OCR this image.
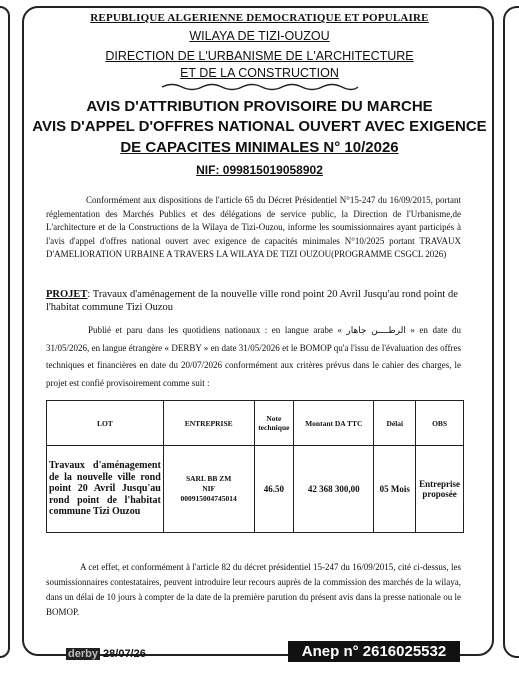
REPUBLIQUE ALGERIENNE DEMOCRATIQUE ET POPULAIRE
WILAYA DE TIZI-OUZOU
DIRECTION DE L'URBANISME DE L'ARCHITECTURE
ET DE LA CONSTRUCTION
AVIS D'ATTRIBUTION PROVISOIRE DU MARCHE
AVIS D'APPEL D'OFFRES NATIONAL OUVERT AVEC EXIGENCE
DE CAPACITES MINIMALES N° 10/2026
NIF: 099815019058902
Conformément aux dispositions de l'article 65 du Décret Présidentiel N°15-247 du 16/09/2015, portant réglementation des Marchés Publics et des délégations de service public, la Direction de l'Urbanisme,de L'architecture et de la Constructions de la Wilaya de Tizi-Ouzou, informe les soumissionnaires ayant participés à l'avis d'appel d'offres national ouvert avec exigence de capacités minimales N°10/2025 portant TRAVAUX D'AMELIORATION URBAINE A TRAVERS LA WILAYA DE TIZI OUZOU(PROGRAMME CSGCL 2026)
PROJET: Travaux d'aménagement de la nouvelle ville rond point 20 Avril Jusqu'au rond point de l'habitat commune Tizi Ouzou
Publié et paru dans les quotidiens nationaux : en langue arabe « الرطــــن جاهار » en date du 31/05/2026, en langue étrangère « DERBY » en date 31/05/2026 et le BOMOP qu'a l'issu de l'évaluation des offres techniques et financières en date du 20/07/2026 conformément aux critères prévus dans le cahier des charges, le projet est confié provisoirement comme suit :
LOT	ENTREPRISE	Note technique	Montant DA TTC	Délai	OBS
Travaux d'aménagement de la nouvelle ville rond point 20 Avril Jusqu'au rond point de l'habitat commune Tizi Ouzou	SARL BB ZM
NIF
000915004745014	46.50	42 368 300,00	05 Mois	Entreprise proposée
A cet effet, et conformément à l'article 82 du décret présidentiel 15-247 du 16/09/2015, cité ci-dessus, les soumissionnaires contestataires, peuvent introduire leur recours auprès de la commission des marchés de la wilaya, dans un délai de 10 jours à compter de la date de la première parution du présent avis dans la presse nationale ou le BOMOP.
derby 28/07/26	Anep n° 2616025532
